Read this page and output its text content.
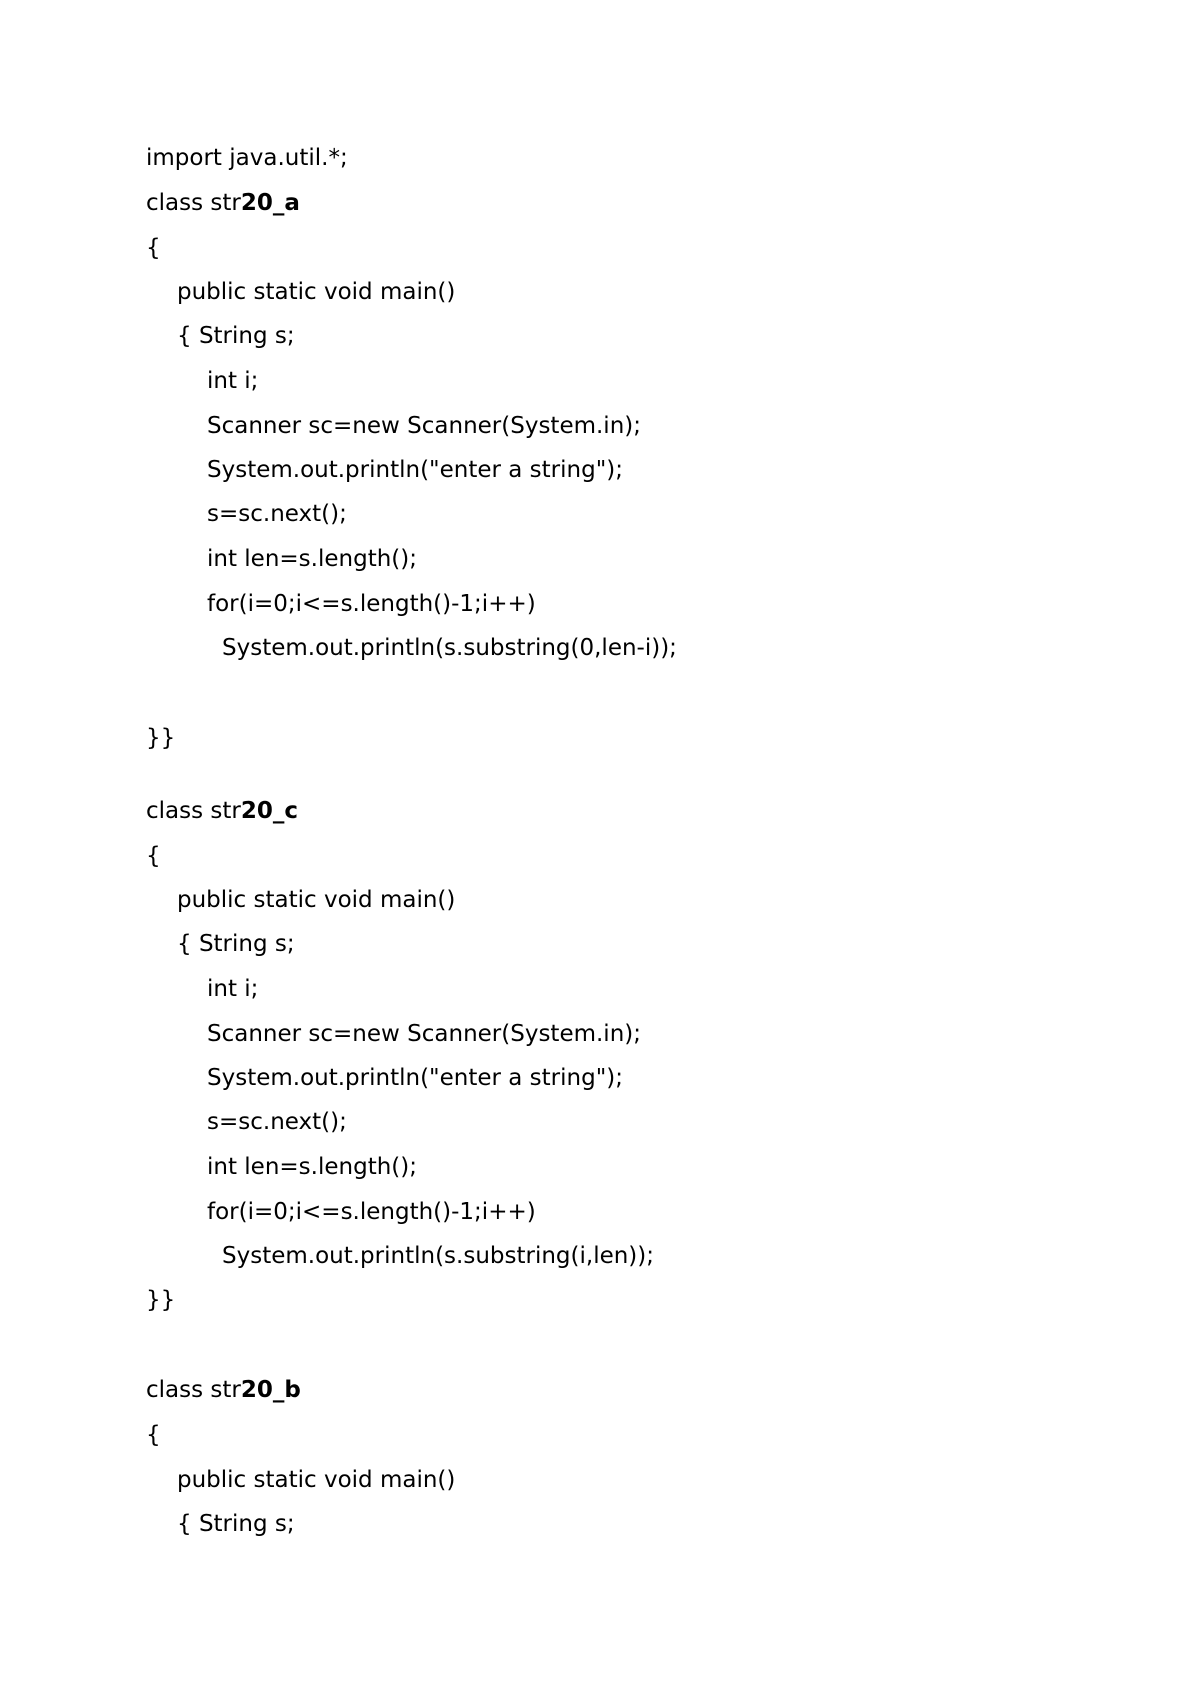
import java.util.*;
class str20_a
{
public static void main()
{ String s;
int i;
Scanner sc=new Scanner(System.in);
System.out.println("enter a string");
s=sc.next();
int len=s.length();
for(i=0;i<=s.length()-1;i++)
System.out.println(s.substring(0,len-i));
}}
class str20_c
{
public static void main()
{ String s;
int i;
Scanner sc=new Scanner(System.in);
System.out.println("enter a string");
s=sc.next();
int len=s.length();
for(i=0;i<=s.length()-1;i++)
System.out.println(s.substring(i,len));
}}
class str20_b
{
public static void main()
{ String s;
